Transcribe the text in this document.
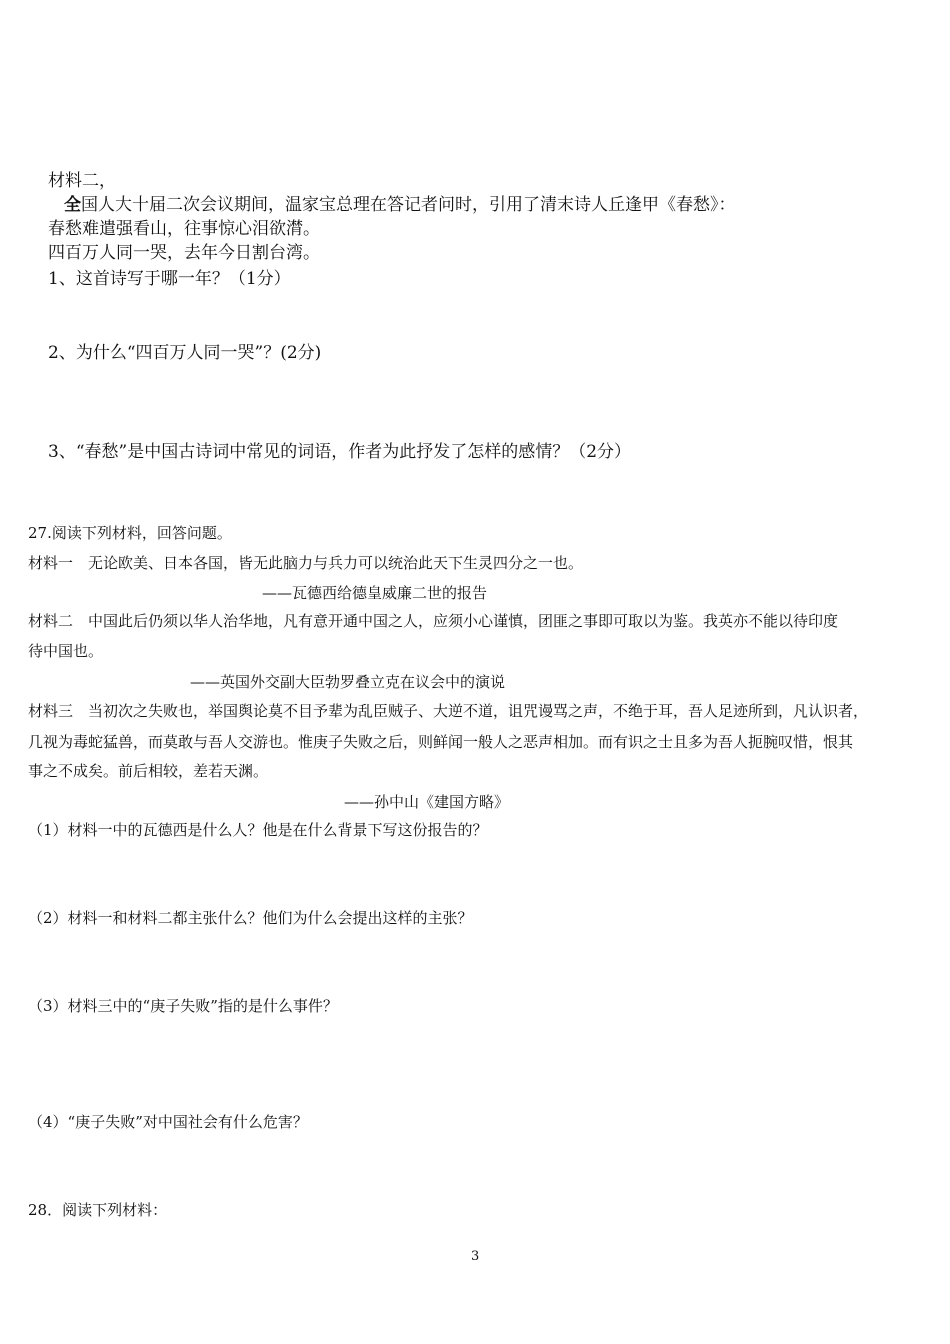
材料二，
全国人大十届二次会议期间，温家宝总理在答记者问时，引用了清末诗人丘逢甲《春愁》：
春愁难遣强看山，往事惊心泪欲潸。
四百万人同一哭，去年今日割台湾。
1、这首诗写于哪一年？（1分）
2、为什么“四百万人同一哭”？(2分)
3、“春愁”是中国古诗词中常见的词语，作者为此抒发了怎样的感情？（2分）
27.阅读下列材料，回答问题。
材料一　无论欧美、日本各国，皆无此脑力与兵力可以统治此天下生灵四分之一也。
——瓦德西给德皇威廉二世的报告
材料二　中国此后仍须以华人治华地，凡有意开通中国之人，应须小心谨慎，团匪之事即可取以为鉴。我英亦不能以待印度
待中国也。
——英国外交副大臣勃罗叠立克在议会中的演说
材料三　当初次之失败也，举国舆论莫不目予辈为乱臣贼子、大逆不道，诅咒谩骂之声，不绝于耳，吾人足迹所到，凡认识者，
几视为毒蛇猛兽，而莫敢与吾人交游也。惟庚子失败之后，则鲜闻一般人之恶声相加。而有识之士且多为吾人扼腕叹惜，恨其
事之不成矣。前后相较，差若天渊。
——孙中山《建国方略》
（1）材料一中的瓦德西是什么人？他是在什么背景下写这份报告的？
（2）材料一和材料二都主张什么？他们为什么会提出这样的主张？
（3）材料三中的“庚子失败”指的是什么事件？
（4）“庚子失败”对中国社会有什么危害？
28．阅读下列材料：
3
